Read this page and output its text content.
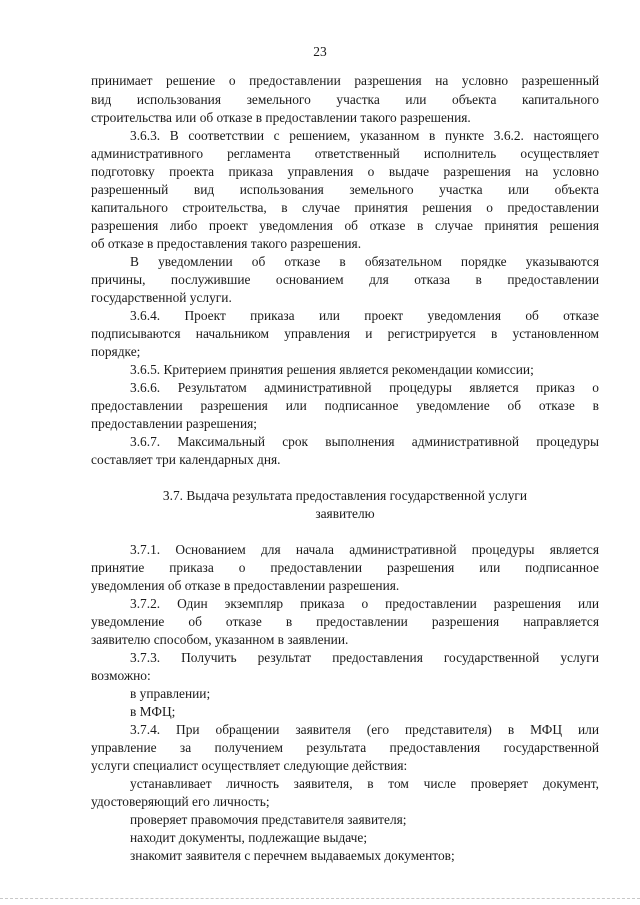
23
принимает решение о предоставлении разрешения на условно разрешенный
вид использования земельного участка или объекта капитального
строительства или об отказе в предоставлении такого разрешения.
3.6.3. В соответствии с решением, указанном в пункте 3.6.2. настоящего
административного регламента ответственный исполнитель осуществляет
подготовку проекта приказа управления о выдаче разрешения на условно
разрешенный вид использования земельного участка или объекта
капитального строительства, в случае принятия решения о предоставлении
разрешения либо проект уведомления об отказе в случае принятия решения
об отказе в предоставления такого разрешения.
В уведомлении об отказе в обязательном порядке указываются
причины, послужившие основанием для отказа в предоставлении
государственной услуги.
3.6.4. Проект приказа или проект уведомления об отказе
подписываются начальником управления и регистрируется в установленном
порядке;
3.6.5. Критерием принятия решения является рекомендации комиссии;
3.6.6. Результатом административной процедуры является приказ о
предоставлении разрешения или подписанное уведомление об отказе в
предоставлении разрешения;
3.6.7. Максимальный срок выполнения административной процедуры
составляет три календарных дня.
3.7. Выдача результата предоставления государственной услуги
заявителю
3.7.1. Основанием для начала административной процедуры является
принятие приказа о предоставлении разрешения или подписанное
уведомления об отказе в предоставлении разрешения.
3.7.2. Один экземпляр приказа о предоставлении разрешения или
уведомление об отказе в предоставлении разрешения направляется
заявителю способом, указанном в заявлении.
3.7.3. Получить результат предоставления государственной услуги
возможно:
в управлении;
в МФЦ;
3.7.4. При обращении заявителя (его представителя) в МФЦ или
управление за получением результата предоставления государственной
услуги специалист осуществляет следующие действия:
устанавливает личность заявителя, в том числе проверяет документ,
удостоверяющий его личность;
проверяет правомочия представителя заявителя;
находит документы, подлежащие выдаче;
знакомит заявителя с перечнем выдаваемых документов;
